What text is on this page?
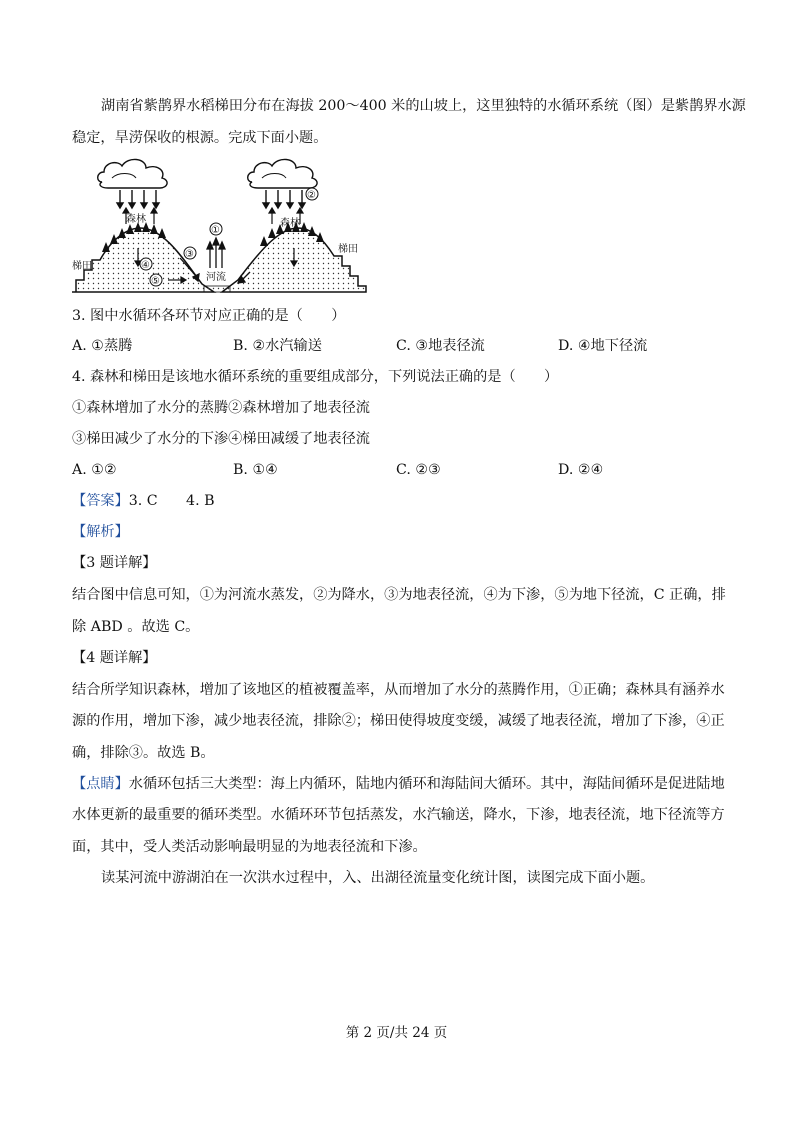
湖南省紫鹊界水稻梯田分布在海拔 200～400 米的山坡上，这里独特的水循环系统（图）是紫鹊界水源
稳定，旱涝保收的根源。完成下面小题。
森林	森林
梯田
梯田
河流
①
②
③
④
⑤
3. 图中水循环各环节对应正确的是（　　）
A. ①蒸腾	B. ②水汽输送	C. ③地表径流	D. ④地下径流
4. 森林和梯田是该地水循环系统的重要组成部分，下列说法正确的是（　　）
①森林增加了水分的蒸腾②森林增加了地表径流
③梯田减少了水分的下渗④梯田减缓了地表径流
A. ①②	B. ①④	C. ②③	D. ②④
【答案】3. C　　4. B
【解析】
【3 题详解】
结合图中信息可知，①为河流水蒸发，②为降水，③为地表径流，④为下渗，⑤为地下径流，C 正确，排
除 ABD 。故选 C。
【4 题详解】
结合所学知识森林，增加了该地区的植被覆盖率，从而增加了水分的蒸腾作用，①正确；森林具有涵养水
源的作用，增加下渗，减少地表径流，排除②；梯田使得坡度变缓，减缓了地表径流，增加了下渗，④正
确，排除③。故选 B。
【点睛】水循环包括三大类型：海上内循环，陆地内循环和海陆间大循环。其中，海陆间循环是促进陆地
水体更新的最重要的循环类型。水循环环节包括蒸发，水汽输送，降水，下渗，地表径流，地下径流等方
面，其中，受人类活动影响最明显的为地表径流和下渗。
读某河流中游湖泊在一次洪水过程中，入、出湖径流量变化统计图，读图完成下面小题。
第 2 页/共 24 页
